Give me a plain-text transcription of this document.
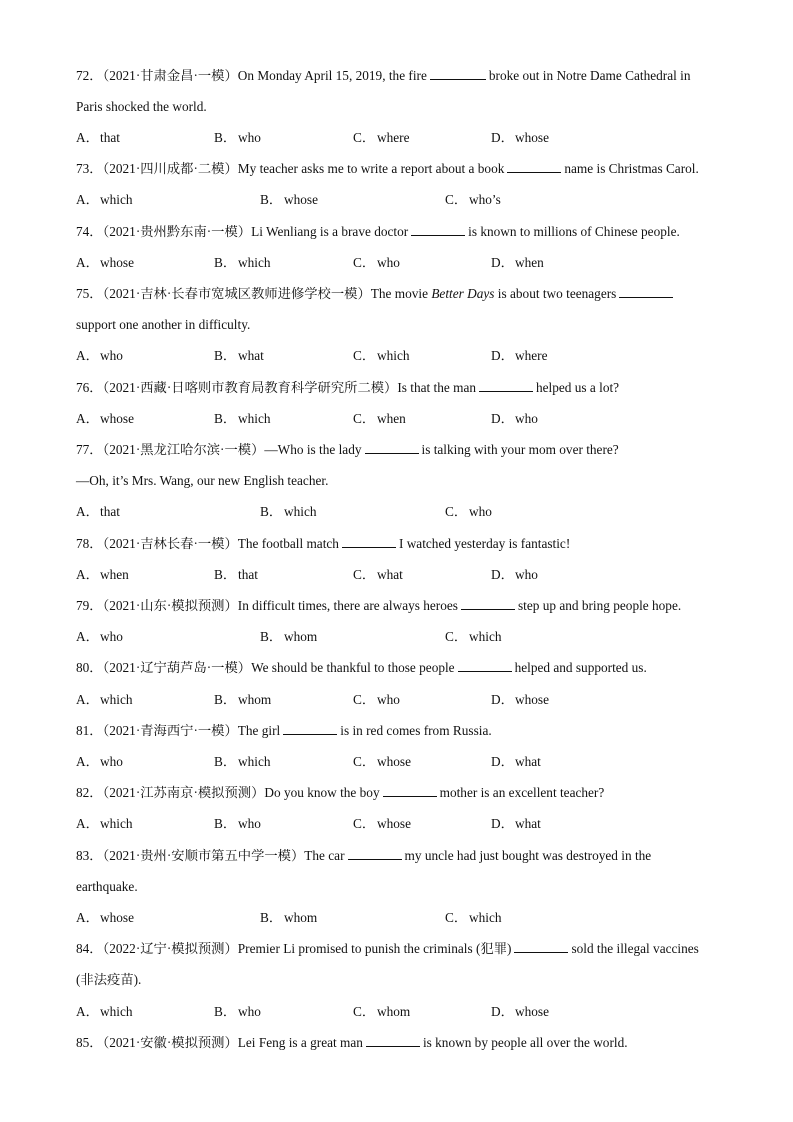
72．（2021·甘肃金昌·一模）On Monday April 15, 2019, the fire	broke out in Notre Dame Cathedral in
Paris shocked the world.
A．that	B． who	C． where	D．whose
73．（2021·四川成都·二模）My teacher asks me to write a report about a book	name is Christmas Carol.
A．which	B． whose	C． who’s
74．（2021·贵州黔东南·一模）Li Wenliang is a brave doctor	is known to millions of Chinese people.
A．whose	B． which	C． who	D．when
75．（2021·吉林·长春市宽城区教师进修学校一模）The movie Better Days is about two teenagers
support one another in difficulty.
A．who	B． what	C． which	D．where
76．（2021·西藏·日喀则市教育局教育科学研究所二模）Is that the man	helped us a lot?
A．whose	B． which	C． when	D．who
77．（2021·黑龙江哈尔滨·一模）—Who is the lady	is talking with your mom over there?
—Oh, it’s Mrs. Wang, our new English teacher.
A．that	B． which	C． who
78．（2021·吉林长春·一模）The football match	I watched yesterday is fantastic!
A．when	B． that	C． what	D．who
79．（2021·山东·模拟预测）In difficult times, there are always heroes	step up and bring people hope.
A．who	B． whom	C． which
80．（2021·辽宁葫芦岛·一模）We should be thankful to those people	helped and supported us.
A．which	B． whom	C． who	D．whose
81．（2021·青海西宁·一模）The girl	is in red comes from Russia.
A．who	B． which	C． whose	D．what
82．（2021·江苏南京·模拟预测）Do you know the boy	mother is an excellent teacher?
A．which	B． who	C． whose	D．what
83．（2021·贵州·安顺市第五中学一模）The car	my uncle had just bought was destroyed in the
earthquake.
A．whose	B． whom	C． which
84．（2022·辽宁·模拟预测）Premier Li promised to punish the criminals (犯罪)	sold the illegal vaccines
(非法疫苗).
A．which	B． who	C． whom	D．whose
85．（2021·安徽·模拟预测）Lei Feng is a great man	is known by people all over the world.
